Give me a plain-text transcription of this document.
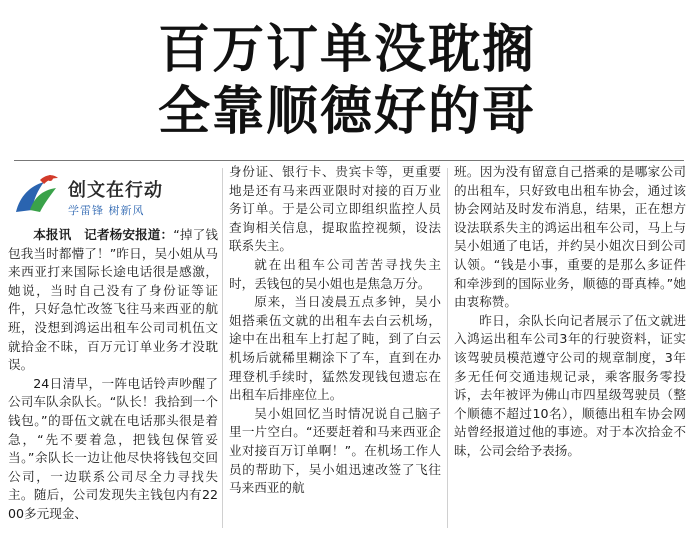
百万订单没耽搁
全靠顺德好的哥
创文在行动
学雷锋 树新风

本报讯　记者杨安报道：“掉了钱包我当时都懵了！”昨日，吴小姐从马来西亚打来国际长途电话很是感激，她说，当时自己没有了身份证等证件，只好急忙改签飞往马来西亚的航班，没想到鸿运出租车公司司机伍文就拾金不昧，百万元订单业务才没耽误。

24日清早，一阵电话铃声吵醒了公司车队余队长。“队长！我拾到一个钱包。”的哥伍文就在电话那头很是着急，“先不要着急，把钱包保管妥当。”余队长一边让他尽快将钱包交回公司，一边联系公司尽全力寻找失主。随后，公司发现失主钱包内有2200多元现金、

身份证、银行卡、贵宾卡等，更重要地是还有马来西亚限时对接的百万业务订单。于是公司立即组织监控人员查询相关信息，提取监控视频，设法联系失主。

就在出租车公司苦苦寻找失主时，丢钱包的吴小姐也是焦急万分。

原来，当日凌晨五点多钟，吴小姐搭乘伍文就的出租车去白云机场，途中在出租车上打起了盹，到了白云机场后就稀里糊涂下了车，直到在办理登机手续时，猛然发现钱包遗忘在出租车后排座位上。

吴小姐回忆当时情况说自己脑子里一片空白。“还要赶着和马来西亚企业对接百万订单啊！”。在机场工作人员的帮助下，吴小姐迅速改签了飞往马来西亚的航

班。因为没有留意自己搭乘的是哪家公司的出租车，只好致电出租车协会，通过该协会网站及时发布消息，结果，正在想方设法联系失主的鸿运出租车公司，马上与吴小姐通了电话，并约吴小姐次日到公司认领。“钱是小事，重要的是那么多证件和牵涉到的国际业务，顺德的哥真棒。”她由衷称赞。

昨日，余队长向记者展示了伍文就进入鸿运出租车公司3年的行驶资料，证实该驾驶员模范遵守公司的规章制度，3年多无任何交通违规记录，乘客服务零投诉，去年被评为佛山市四星级驾驶员（整个顺德不超过10名），顺德出租车协会网站曾经报道过他的事迹。对于本次拾金不昧，公司会给予表扬。
